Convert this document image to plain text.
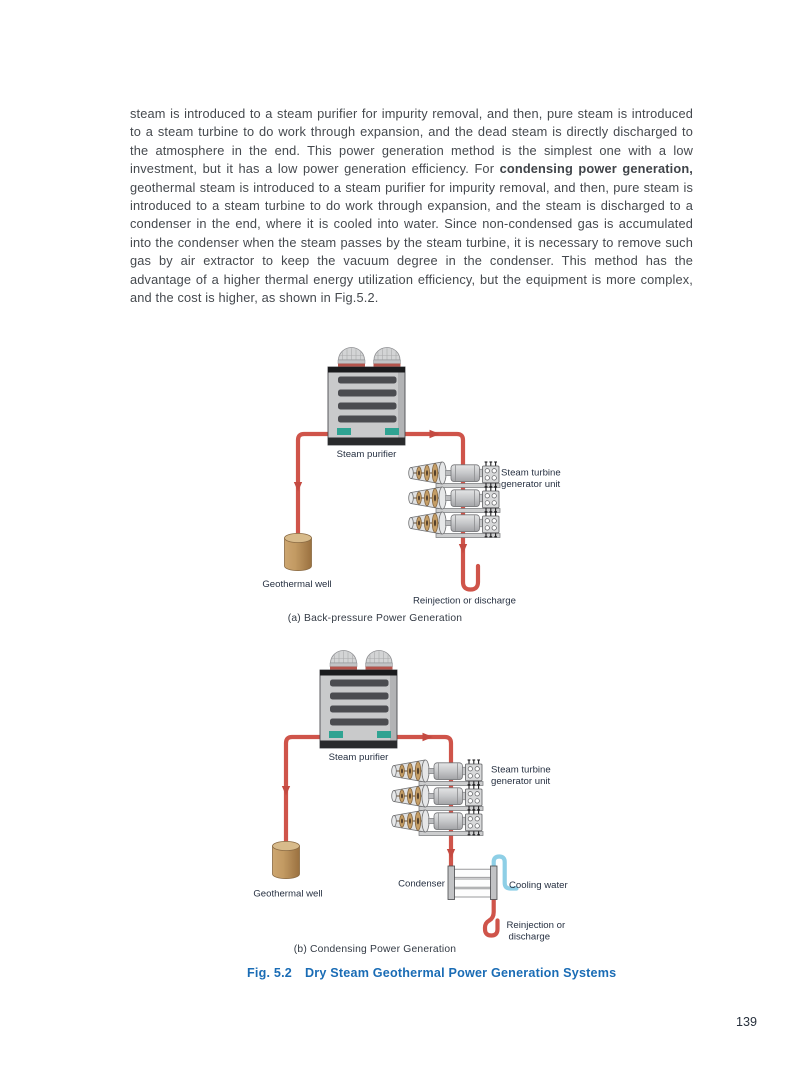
steam is introduced to a steam purifier for impurity removal, and then, pure steam is introduced to a steam turbine to do work through expansion, and the dead steam is directly discharged to the atmosphere in the end. This power generation method is the simplest one with a low investment, but it has a low power generation efficiency. For condensing power generation, geothermal steam is introduced to a steam purifier for impurity removal, and then, pure steam is introduced to a steam turbine to do work through expansion, and the steam is discharged to a condenser in the end, where it is cooled into water. Since non-condensed gas is accumulated into the condenser when the steam passes by the steam turbine, it is necessary to remove such gas by air extractor to keep the vacuum degree in the condenser. This method has the advantage of a higher thermal energy utilization efficiency, but the equipment is more complex, and the cost is higher, as shown in Fig.5.2.
Steam purifier
Steam turbine
generator unit
Geothermal well
Reinjection or discharge
Steam purifier
Steam turbine
generator unit
Geothermal well
Condenser	Cooling water
Reinjection or
discharge
(a) Back-pressure Power Generation
(b) Condensing Power Generation
Fig. 5.2 Dry Steam Geothermal Power Generation Systems
139
